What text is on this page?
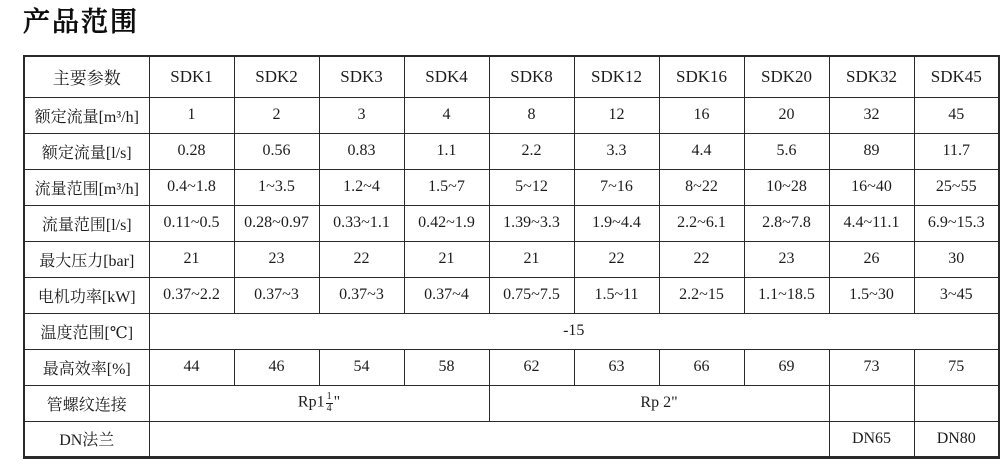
产品范围
主要参数	SDK1	SDK2	SDK3	SDK4	SDK8	SDK12	SDK16	SDK20	SDK32	SDK45
额定流量[m³/h]	1	2	3	4	8	12	16	20	32	45
额定流量[l/s]	0.28	0.56	0.83	1.1	2.2	3.3	4.4	5.6	89	11.7
流量范围[m³/h]	0.4~1.8	1~3.5	1.2~4	1.5~7	5~12	7~16	8~22	10~28	16~40	25~55
流量范围[l/s]	0.11~0.5	0.28~0.97	0.33~1.1	0.42~1.9	1.39~3.3	1.9~4.4	2.2~6.1	2.8~7.8	4.4~11.1	6.9~15.3
最大压力[bar]	21	23	22	21	21	22	22	23	26	30
电机功率[kW]	0.37~2.2	0.37~3	0.37~3	0.37~4	0.75~7.5	1.5~11	2.2~15	1.1~18.5	1.5~30	3~45
温度范围[℃]	-15									
最高效率[%]	44	46	54	58	62	63	66	69	73	75
管螺纹连接	$Rp1 \frac{1}{4}$ "				Rp 2"					
DN法兰									DN65	DN80
